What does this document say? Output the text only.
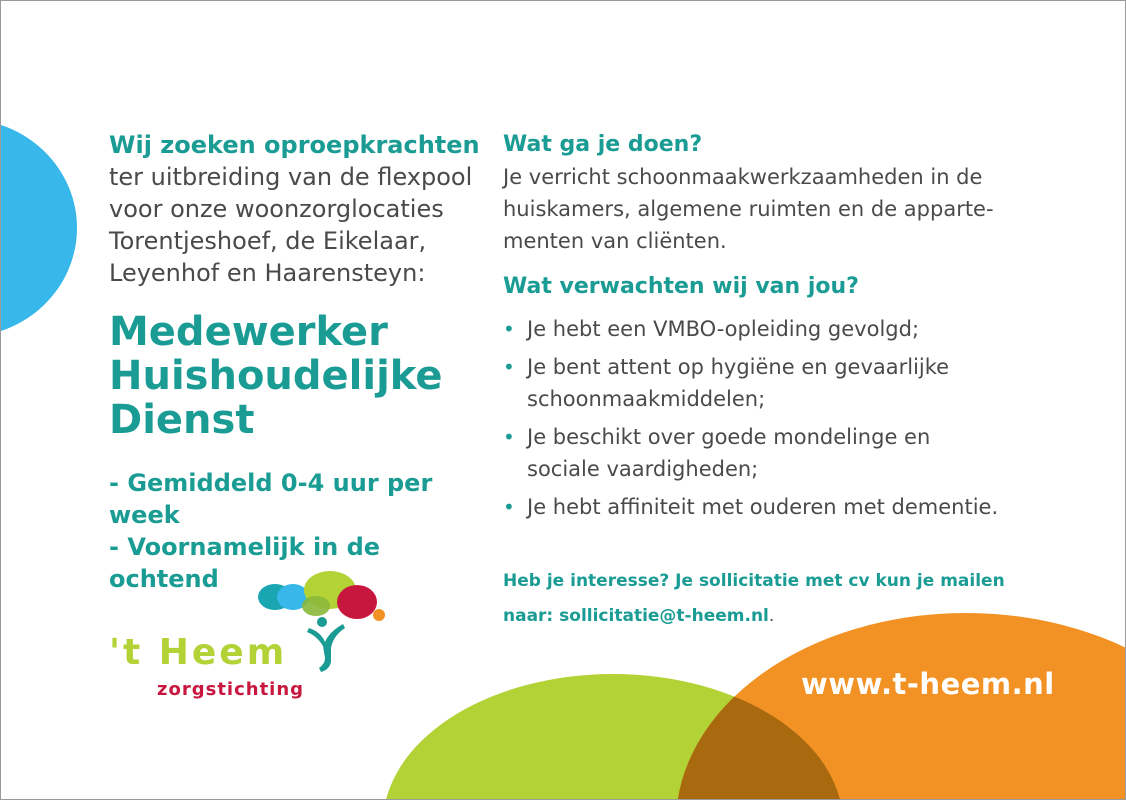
Wij zoeken oproepkrachten
ter uitbreiding van de flexpool
voor onze woonzorglocaties
Torentjeshoef, de Eikelaar,
Leyenhof en Haarensteyn:
Medewerker
Huishoudelijke
Dienst
- Gemiddeld 0-4 uur per week
- Voornamelijk in de ochtend
Wat ga je doen?
Je verricht schoonmaakwerkzaamheden in de
huiskamers, algemene ruimten en de apparte-
menten van cliënten.
Wat verwachten wij van jou?
• Je hebt een VMBO-opleiding gevolgd;
• Je bent attent op hygiëne en gevaarlijke
schoonmaakmiddelen;
• Je beschikt over goede mondelinge en
sociale vaardigheden;
• Je hebt affiniteit met ouderen met dementie.
Heb je interesse? Je sollicitatie met cv kun je mailen
naar: sollicitatie@t-heem.nl.
't Heem
zorgstichting	www.t-heem.nl
